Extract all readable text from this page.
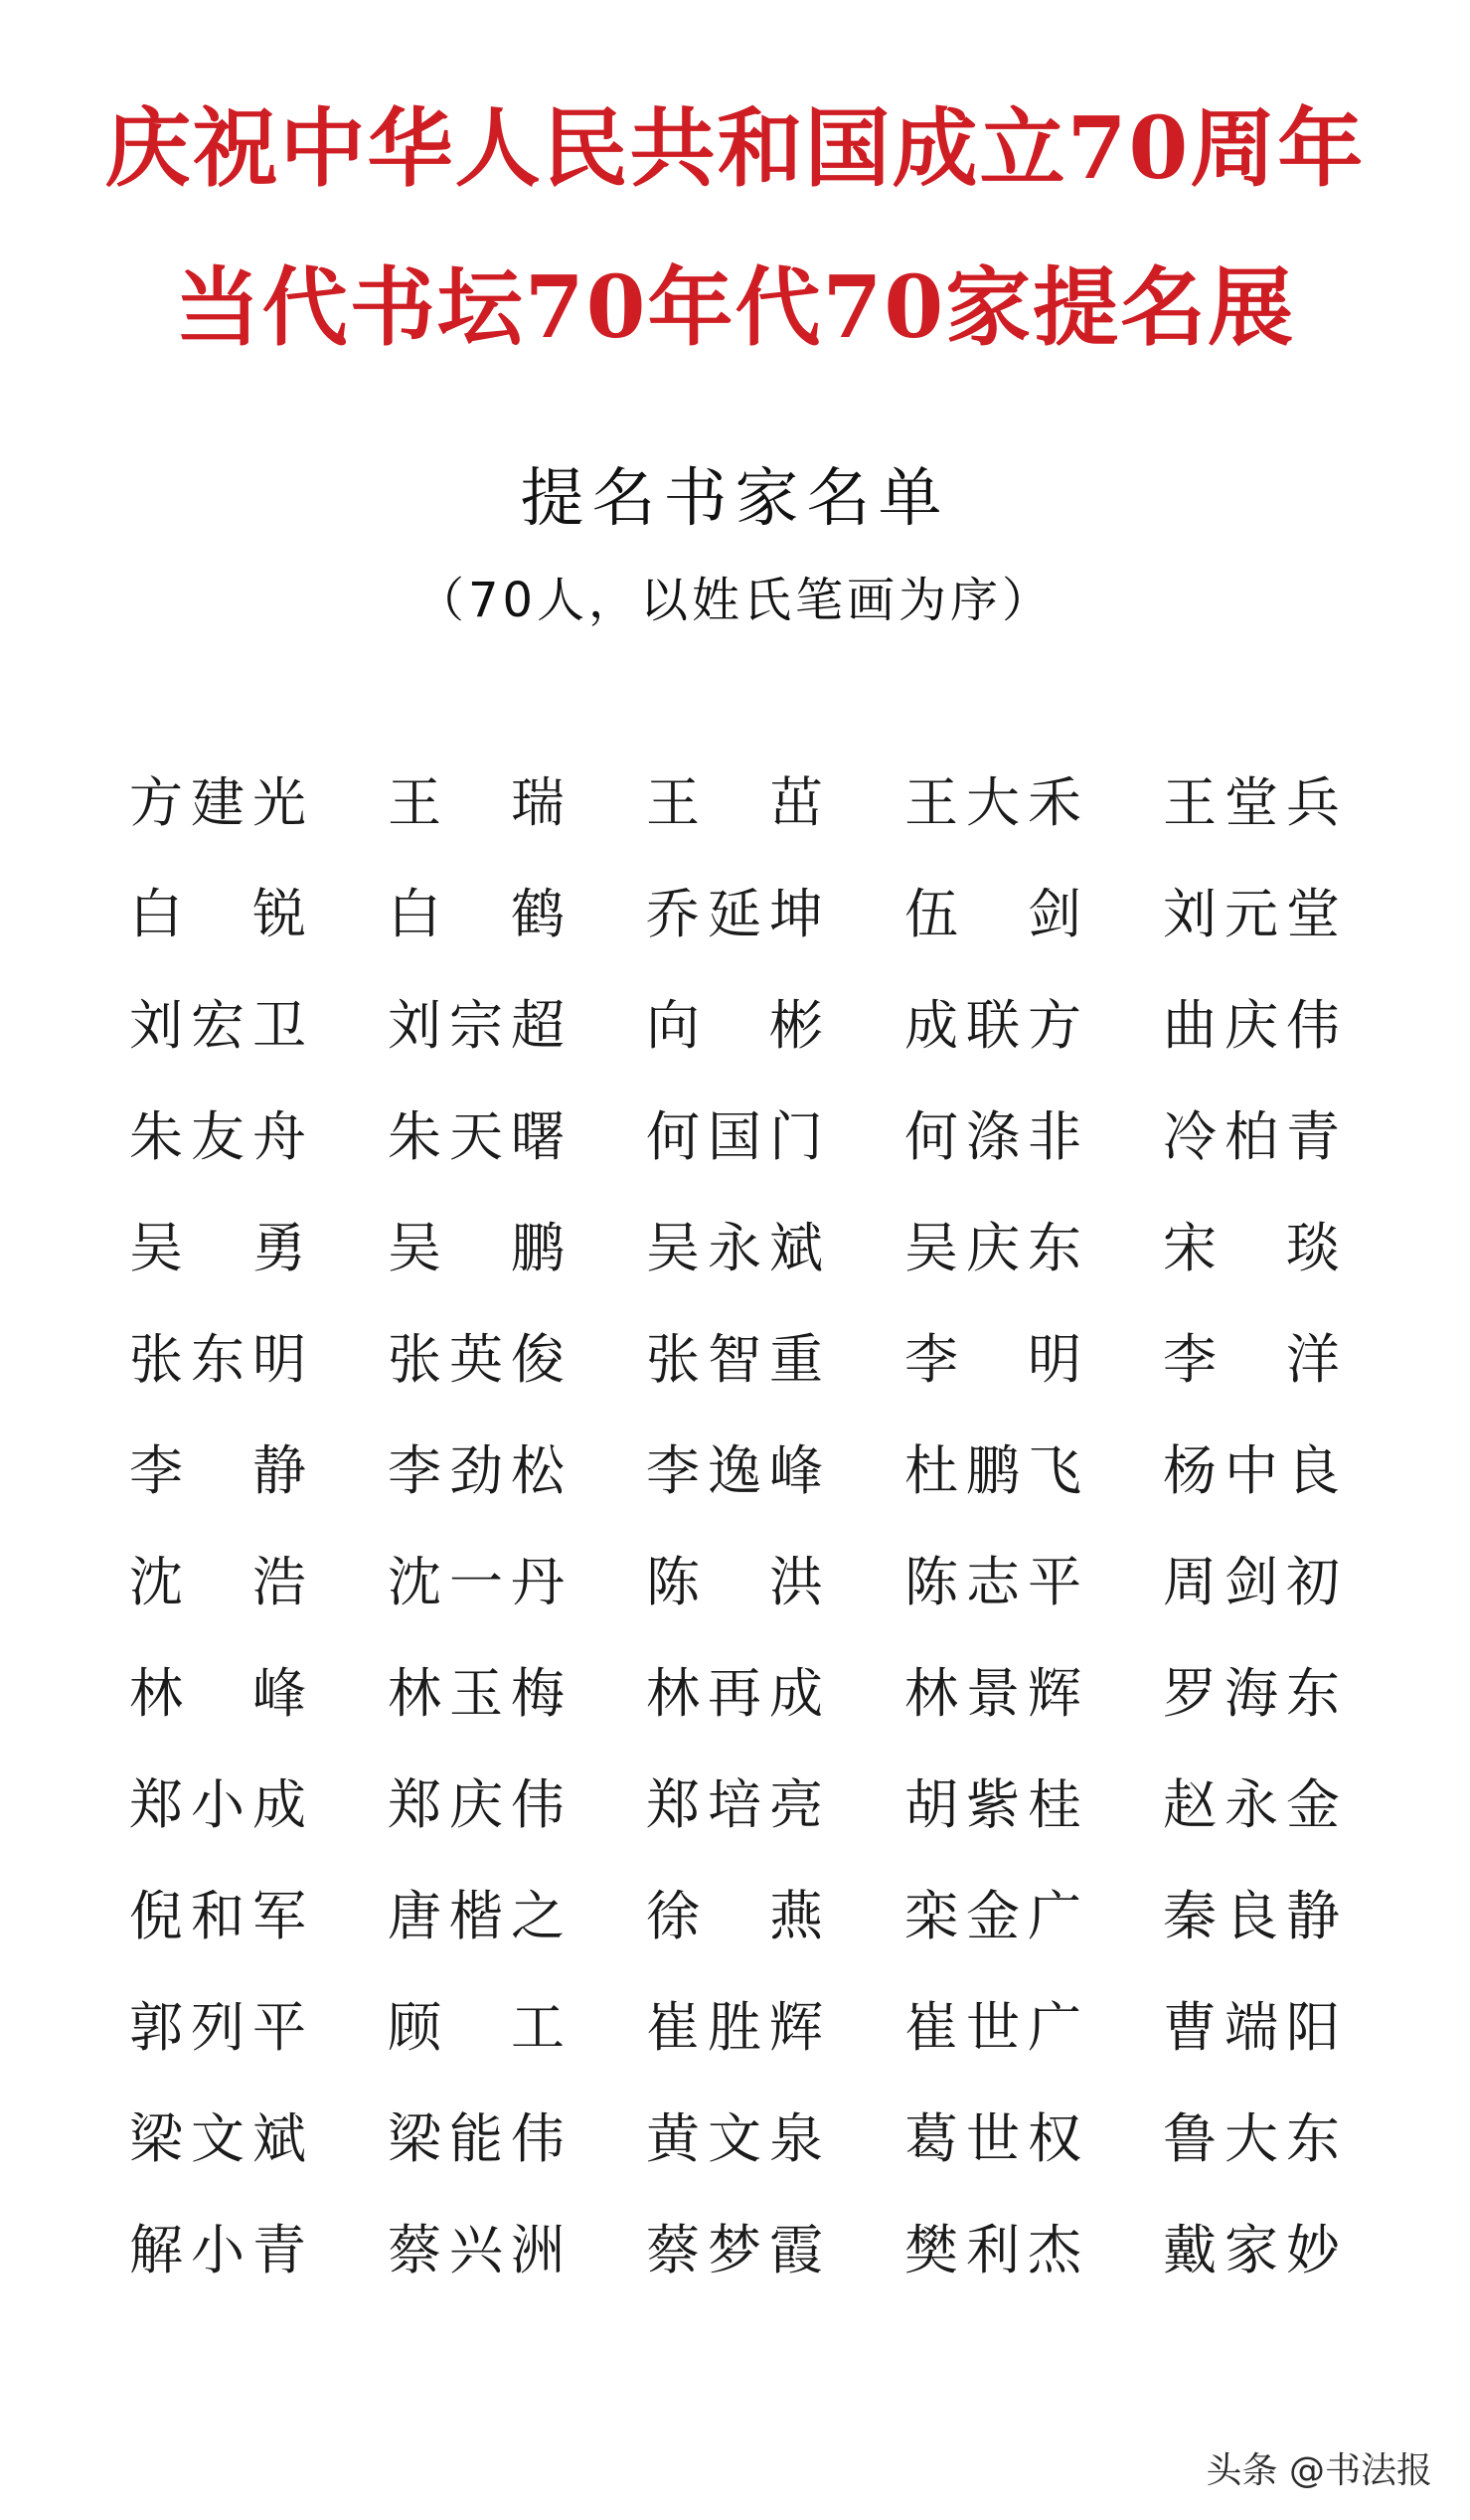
庆祝中华人民共和国成立70周年
当代书坛70年代70家提名展
提名书家名单
（70人，以姓氏笔画为序）
方 建 光 王 瑞 王 茁 王 大 禾 王 堂 兵
白 锐 白 鹤 乔 延 坤 伍 剑 刘 元 堂
刘 宏 卫 刘 宗 超 向 彬 成 联 方 曲 庆 伟
朱 友 舟 朱 天 曙 何 国 门 何 涤 非 冷 柏 青
吴 勇 吴 鹏 吴 永 斌 吴 庆 东 宋 琰
张 东 明 张 英 俊 张 智 重 李 明 李 洋
李 静 李 劲 松 李 逸 峰 杜 鹏 飞 杨 中 良
沈 浩 沈 一 丹 陈 洪 陈 志 平 周 剑 初
林 峰 林 玉 梅 林 再 成 林 景 辉 罗 海 东
郑 小 成 郑 庆 伟 郑 培 亮 胡 紫 桂 赵 永 金
倪 和 军 唐 楷 之 徐 燕 栾 金 广 秦 良 静
郭 列 平 顾 工 崔 胜 辉 崔 世 广 曹 端 阳
梁 文 斌 梁 能 伟 黄 文 泉 葛 世 权 鲁 大 东
解 小 青 蔡 兴 洲 蔡 梦 霞 樊 利 杰 戴 家 妙
头条 @书法报
